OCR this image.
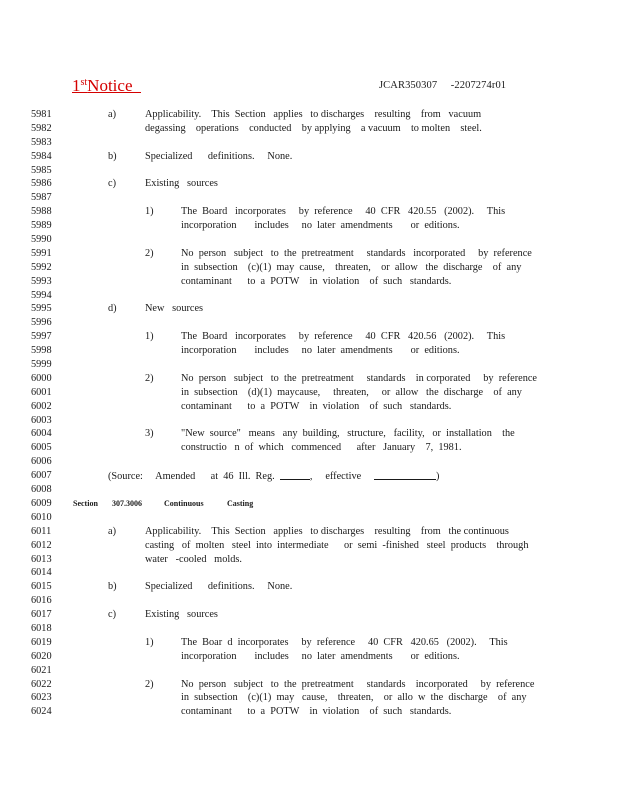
1stNotice	JCAR350307     -2207274r01
5981	a)	Applicability.    This  Section   applies   to discharges    resulting    from   vacuum
5982	degassing    operations    conducted    by applying    a vacuum    to molten    steel.
5983
5984	b)	Specialized      definitions.     None.
5985
5986	c)	Existing   sources
5987
5988	1)	The  Board   incorporates     by  reference     40  CFR   420.55   (2002).     This
5989	incorporation       includes     no  later  amendments       or  editions.
5990
5991	2)	No  person   subject   to  the  pretreatment     standards   incorporated     by  reference
5992	in  subsection    (c)(1)  may  cause,    threaten,    or  allow   the  discharge    of  any
5993	contaminant      to  a  POTW    in  violation    of  such   standards.
5994
5995	d)	New   sources
5996
5997	1)	The  Board   incorporates     by  reference     40  CFR   420.56   (2002).     This
5998	incorporation       includes     no  later  amendments       or  editions.
5999
6000	2)	No  person   subject   to  the  pretreatment     standards    in corporated     by  reference
6001	in  subsection    (d)(1)  maycause,     threaten,     or  allow   the  discharge    of  any
6002	contaminant      to  a  POTW    in  violation    of  such   standards.
6003
6004	3)	"New  source"   means   any  building,   structure,   facility,   or  installation    the
6005	constructio   n  of  which   commenced      after   January    7,  1981.
6006
6007	(Source:     Amended      at  46  Ill.  Reg.	,     effective	)
6008
6009	Section 307.3006	Continuous	Casting
6010
6011	a)	Applicability.    This  Section   applies   to discharges    resulting    from   the continuous
6012	casting   of  molten   steel  into  intermediate      or  semi  -finished   steel  products    through
6013	water   -cooled   molds.
6014
6015	b)	Specialized      definitions.     None.
6016
6017	c)	Existing   sources
6018
6019	1)	The  Boar  d  incorporates     by  reference     40  CFR   420.65   (2002).     This
6020	incorporation       includes     no  later  amendments       or  editions.
6021
6022	2)	No  person   subject   to  the  pretreatment     standards    incorporated     by  reference
6023	in  subsection    (c)(1)  may   cause,    threaten,    or  allo  w  the  discharge    of  any
6024	contaminant      to  a  POTW    in  violation    of  such   standards.
